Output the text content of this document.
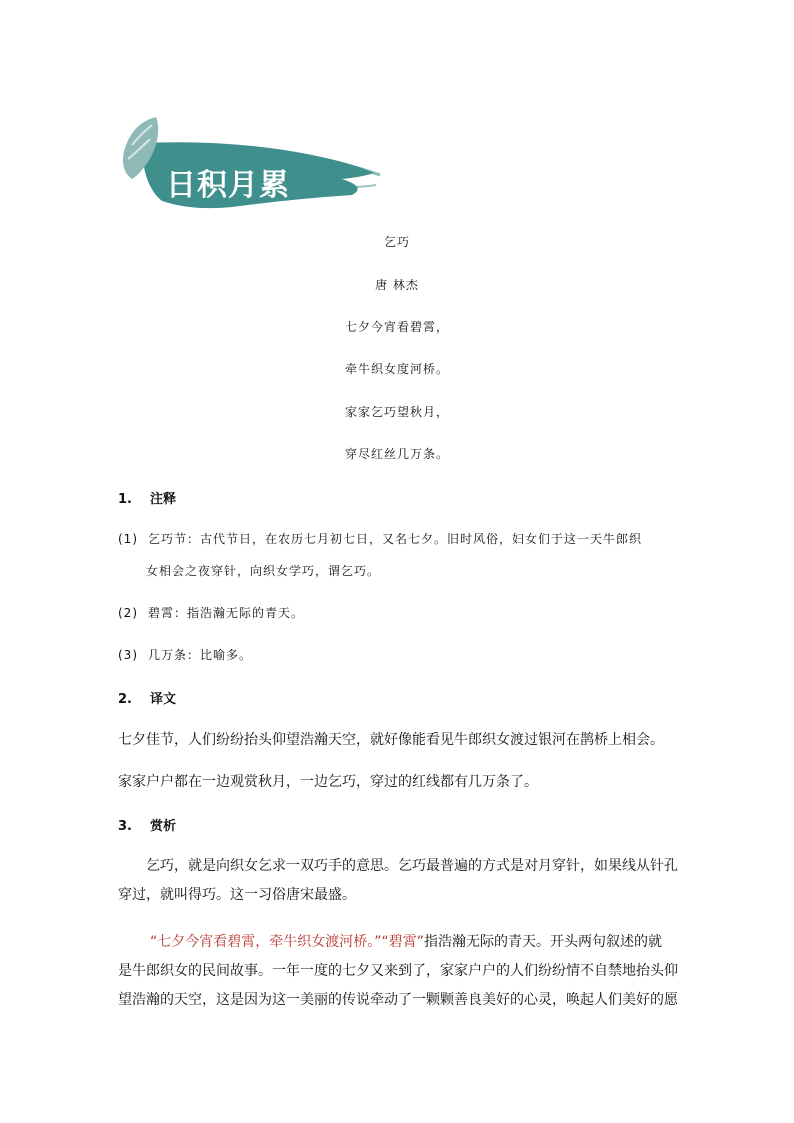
日积月累
乞巧
唐 林杰
七夕今宵看碧霄，
牵牛织女度河桥。
家家乞巧望秋月，
穿尽红丝几万条。
1. 注释
(1) 乞巧节：古代节日，在农历七月初七日，又名七夕。旧时风俗，妇女们于这一天牛郎织
女相会之夜穿针，向织女学巧，谓乞巧。
(2) 碧霄：指浩瀚无际的青天。
(3) 几万条：比喻多。
2. 译文
七夕佳节，人们纷纷抬头仰望浩瀚天空，就好像能看见牛郎织女渡过银河在鹊桥上相会。
家家户户都在一边观赏秋月，一边乞巧，穿过的红线都有几万条了。
3. 赏析
乞巧，就是向织女乞求一双巧手的意思。乞巧最普遍的方式是对月穿针，如果线从针孔
穿过，就叫得巧。这一习俗唐宋最盛。
“七夕今宵看碧霄，牵牛织女渡河桥。”“碧霄”指浩瀚无际的青天。开头两句叙述的就
是牛郎织女的民间故事。一年一度的七夕又来到了，家家户户的人们纷纷情不自禁地抬头仰
望浩瀚的天空，这是因为这一美丽的传说牵动了一颗颗善良美好的心灵，唤起人们美好的愿
